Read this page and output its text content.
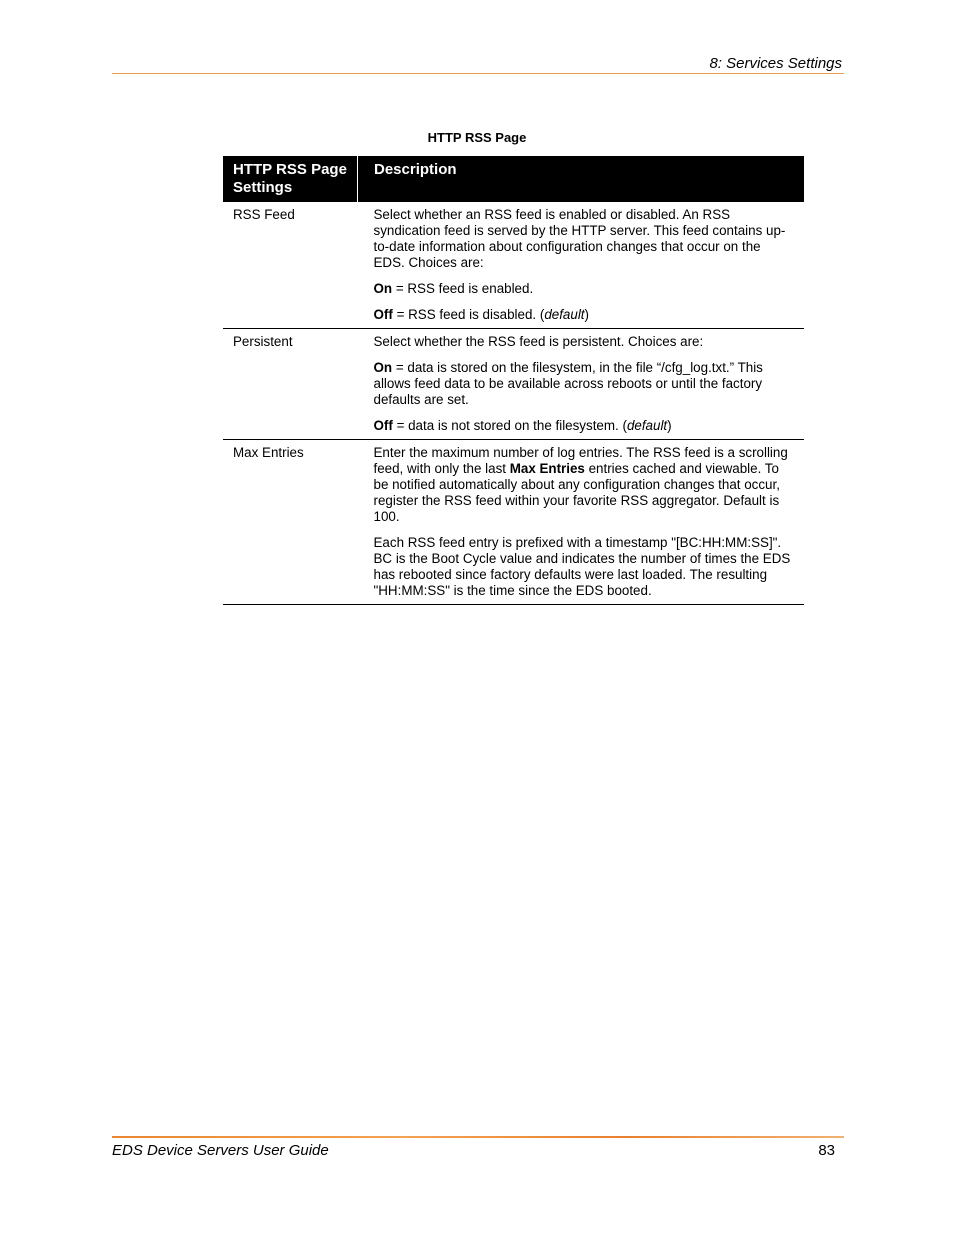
8: Services Settings
HTTP RSS Page
HTTP RSS Page Settings	Description
RSS Feed	Select whether an RSS feed is enabled or disabled. An RSS syndication feed is served by the HTTP server. This feed contains up-to-date information about configuration changes that occur on the EDS. Choices are:

On = RSS feed is enabled.

Off = RSS feed is disabled. (default)

Persistent	Select whether the RSS feed is persistent. Choices are:

On = data is stored on the filesystem, in the file “/cfg_log.txt.” This allows feed data to be available across reboots or until the factory defaults are set.

Off = data is not stored on the filesystem. (default)

Max Entries	Enter the maximum number of log entries. The RSS feed is a scrolling feed, with only the last Max Entries entries cached and viewable. To be notified automatically about any configuration changes that occur, register the RSS feed within your favorite RSS aggregator. Default is 100.

Each RSS feed entry is prefixed with a timestamp "[BC:HH:MM:SS]". BC is the Boot Cycle value and indicates the number of times the EDS has rebooted since factory defaults were last loaded. The resulting "HH:MM:SS" is the time since the EDS booted.

EDS Device Servers User Guide	83
